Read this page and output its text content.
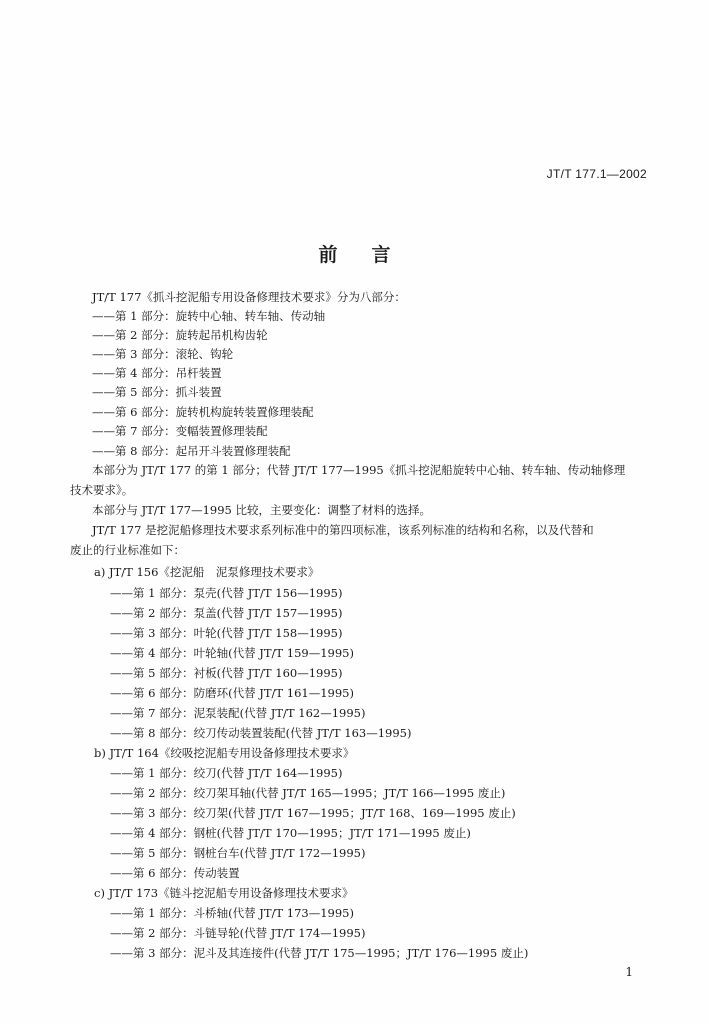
JT/T 177.1—2002
前言
JT/T 177《抓斗挖泥船专用设备修理技术要求》分为八部分：
——第 1 部分：旋转中心轴、转车轴、传动轴
——第 2 部分：旋转起吊机构齿轮
——第 3 部分：滚轮、钩轮
——第 4 部分：吊杆装置
——第 5 部分：抓斗装置
——第 6 部分：旋转机构旋转装置修理装配
——第 7 部分：变幅装置修理装配
——第 8 部分：起吊开斗装置修理装配
本部分为 JT/T 177 的第 1 部分；代替 JT/T 177—1995《抓斗挖泥船旋转中心轴、转车轴、传动轴修理
技术要求》。
本部分与 JT/T 177—1995 比较，主要变化：调整了材料的选择。
JT/T 177 是挖泥船修理技术要求系列标准中的第四项标准，该系列标准的结构和名称，以及代替和
废止的行业标准如下：
a) JT/T 156《挖泥船　泥泵修理技术要求》
——第 1 部分：泵壳(代替 JT/T 156—1995)
——第 2 部分：泵盖(代替 JT/T 157—1995)
——第 3 部分：叶轮(代替 JT/T 158—1995)
——第 4 部分：叶轮轴(代替 JT/T 159—1995)
——第 5 部分：衬板(代替 JT/T 160—1995)
——第 6 部分：防磨环(代替 JT/T 161—1995)
——第 7 部分：泥泵装配(代替 JT/T 162—1995)
——第 8 部分：绞刀传动装置装配(代替 JT/T 163—1995)
b) JT/T 164《绞吸挖泥船专用设备修理技术要求》
——第 1 部分：绞刀(代替 JT/T 164—1995)
——第 2 部分：绞刀架耳轴(代替 JT/T 165—1995；JT/T 166—1995 废止)
——第 3 部分：绞刀架(代替 JT/T 167—1995；JT/T 168、169—1995 废止)
——第 4 部分：钢桩(代替 JT/T 170—1995；JT/T 171—1995 废止)
——第 5 部分：钢桩台车(代替 JT/T 172—1995)
——第 6 部分：传动装置
c) JT/T 173《链斗挖泥船专用设备修理技术要求》
——第 1 部分：斗桥轴(代替 JT/T 173—1995)
——第 2 部分：斗链导轮(代替 JT/T 174—1995)
——第 3 部分：泥斗及其连接件(代替 JT/T 175—1995；JT/T 176—1995 废止)
1
